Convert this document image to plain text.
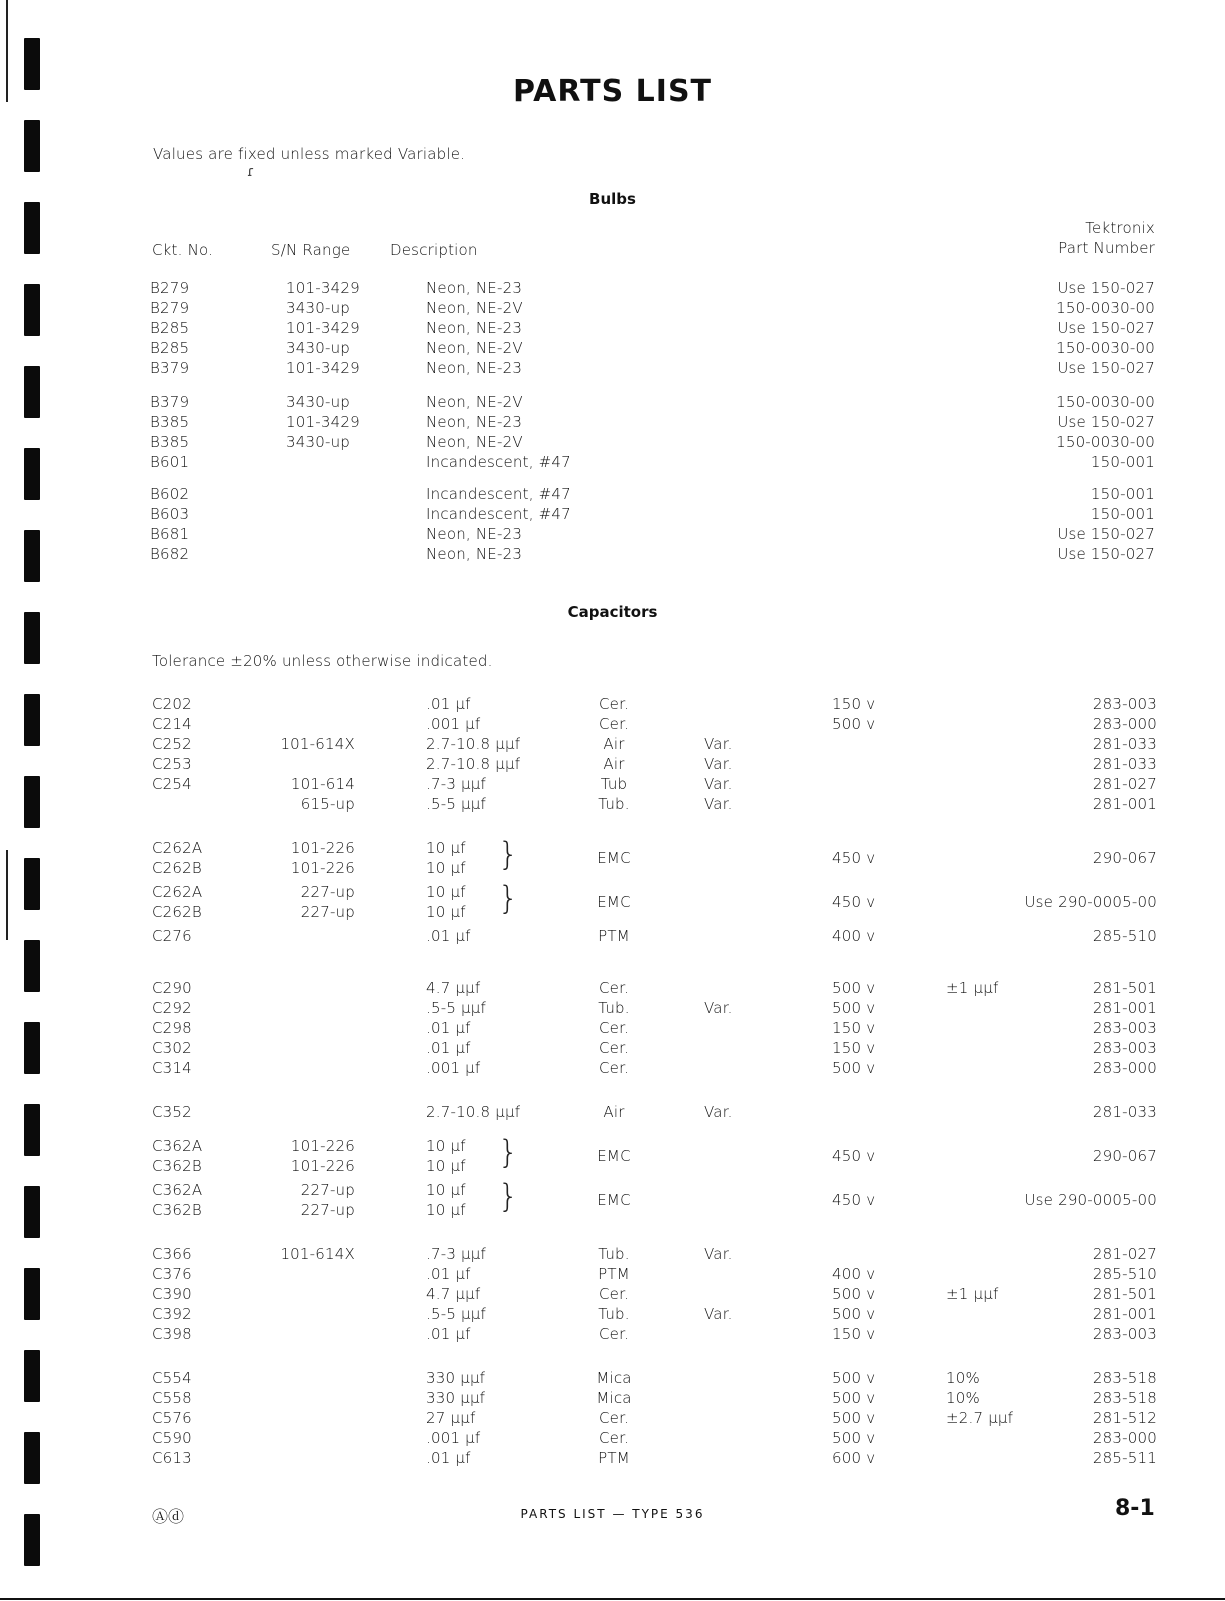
PARTS LIST
Values are fixed unless marked Variable.
ɾ
Bulbs
Ckt. No.	S/N Range	Description
Tektronix
Part Number
B279	101-3429	Neon, NE-23	Use 150-027
B279	3430-up	Neon, NE-2V	150-0030-00
B285	101-3429	Neon, NE-23	Use 150-027
B285	3430-up	Neon, NE-2V	150-0030-00
B379	101-3429	Neon, NE-23	Use 150-027
B379	3430-up	Neon, NE-2V	150-0030-00
B385	101-3429	Neon, NE-23	Use 150-027
B385	3430-up	Neon, NE-2V	150-0030-00
B601	Incandescent, #47	150-001
B602	Incandescent, #47	150-001
B603	Incandescent, #47	150-001
B681	Neon, NE-23	Use 150-027
B682	Neon, NE-23	Use 150-027
Capacitors
Tolerance ±20% unless otherwise indicated.
C202	.01 µf	Cer.	150 v	283-003
C214	.001 µf	Cer.	500 v	283-000
C252	101-614X	2.7-10.8 µµf	Air	Var.	281-033
C253	2.7-10.8 µµf	Air	Var.	281-033
C254	101-614	.7-3 µµf	Tub	Var.	281-027
615-up	.5-5 µµf	Tub.	Var.	281-001
C262A	101-226	10 µf
C262B	101-226	10 µf
EMC	450 v	290-067
C262A	227-up	10 µf
C262B	227-up	10 µf
EMC	450 v	Use 290-0005-00
C276	.01 µf	PTM	400 v	285-510
C290	4.7 µµf	Cer.	500 v	±1 µµf	281-501
C292	.5-5 µµf	Tub.	Var.	500 v	281-001
C298	.01 µf	Cer.	150 v	283-003
C302	.01 µf	Cer.	150 v	283-003
C314	.001 µf	Cer.	500 v	283-000
C352	2.7-10.8 µµf	Air	Var.	281-033
C362A	101-226	10 µf
C362B	101-226	10 µf
EMC	450 v	290-067
C362A	227-up	10 µf
C362B	227-up	10 µf
EMC	450 v	Use 290-0005-00
C366	101-614X	.7-3 µµf	Tub.	Var.	281-027
C376	.01 µf	PTM	400 v	285-510
C390	4.7 µµf	Cer.	500 v	±1 µµf	281-501
C392	.5-5 µµf	Tub.	Var.	500 v	281-001
C398	.01 µf	Cer.	150 v	283-003
C554	330 µµf	Mica	500 v	10%	283-518
C558	330 µµf	Mica	500 v	10%	283-518
C576	27 µµf	Cer.	500 v	±2.7 µµf	281-512
C590	.001 µf	Cer.	500 v	283-000
C613	.01 µf	PTM	600 v	285-511
}
}
}
}
Ⓐⓓ	PARTS LIST — TYPE 536	8-1
